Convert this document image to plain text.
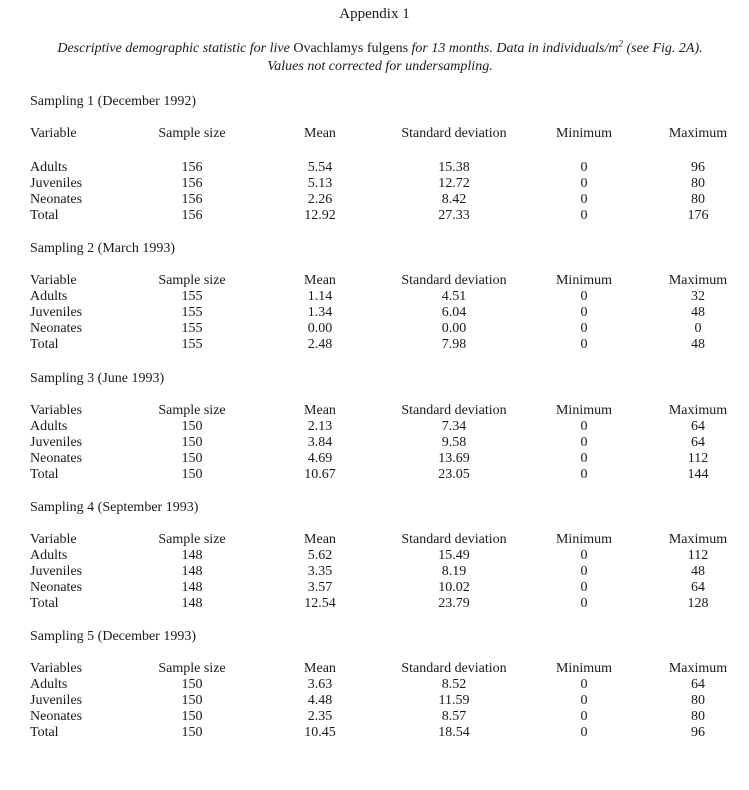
Appendix 1
Descriptive demographic statistic for live Ovachlamys fulgens for 13 months. Data in individuals/$m^2$ (see Fig. 2A).
Values not corrected for undersampling.
Sampling 1 (December 1992)
Variable	Sample size	Mean	Standard deviation	Minimum	Maximum
Adults	156	5.54	15.38	0	96
Juveniles	156	5.13	12.72	0	80
Neonates	156	2.26	8.42	0	80
Total	156	12.92	27.33	0	176
Sampling 2 (March 1993)
Variable	Sample size	Mean	Standard deviation	Minimum	Maximum
Adults	155	1.14	4.51	0	32
Juveniles	155	1.34	6.04	0	48
Neonates	155	0.00	0.00	0	0
Total	155	2.48	7.98	0	48
Sampling 3 (June 1993)
Variables	Sample size	Mean	Standard deviation	Minimum	Maximum
Adults	150	2.13	7.34	0	64
Juveniles	150	3.84	9.58	0	64
Neonates	150	4.69	13.69	0	112
Total	150	10.67	23.05	0	144
Sampling 4 (September 1993)
Variable	Sample size	Mean	Standard deviation	Minimum	Maximum
Adults	148	5.62	15.49	0	112
Juveniles	148	3.35	8.19	0	48
Neonates	148	3.57	10.02	0	64
Total	148	12.54	23.79	0	128
Sampling 5 (December 1993)
Variables	Sample size	Mean	Standard deviation	Minimum	Maximum
Adults	150	3.63	8.52	0	64
Juveniles	150	4.48	11.59	0	80
Neonates	150	2.35	8.57	0	80
Total	150	10.45	18.54	0	96
